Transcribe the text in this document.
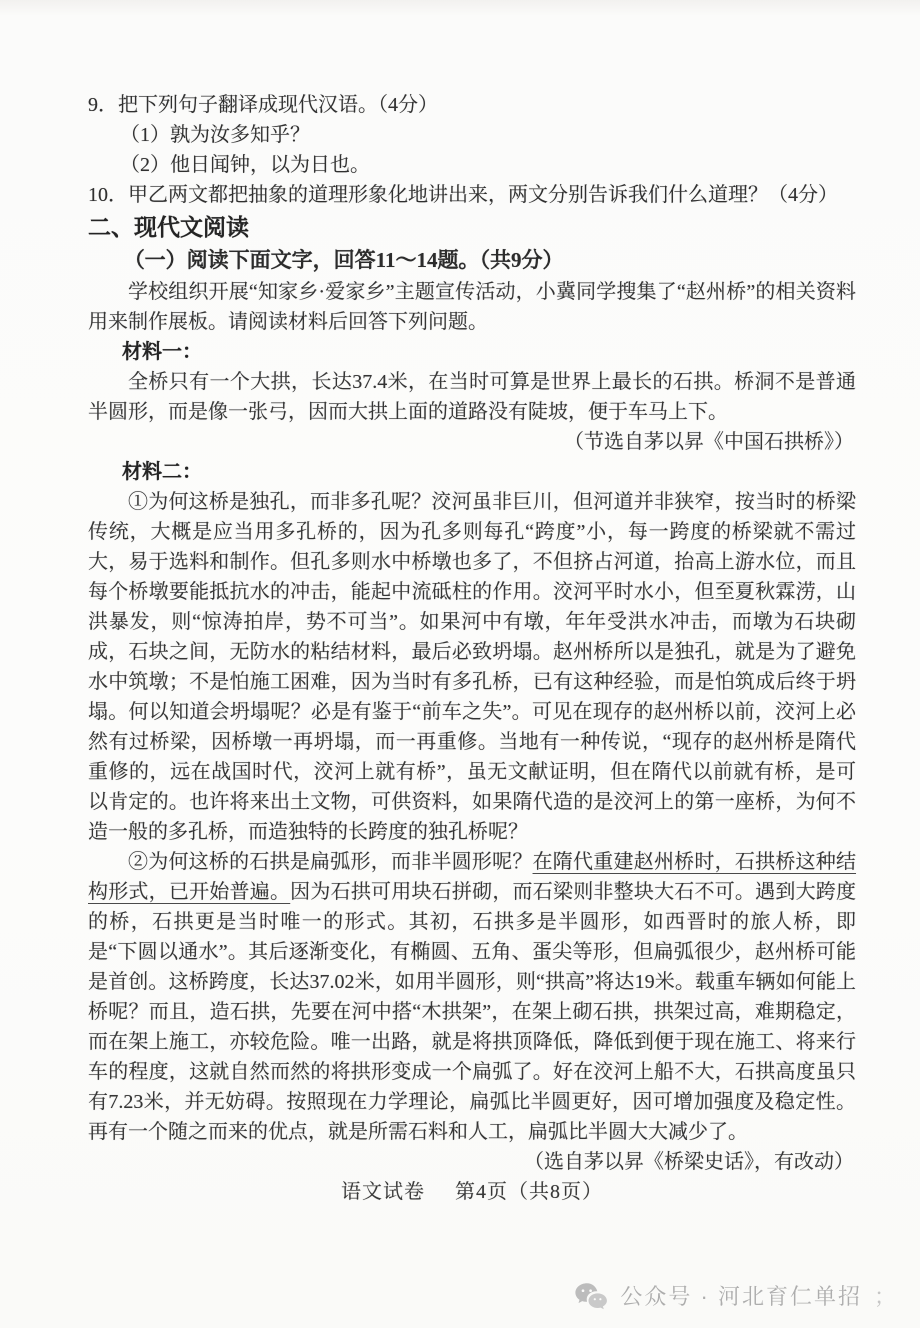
9．把下列句子翻译成现代汉语。（4分）

（1）孰为汝多知乎？

（2）他日闻钟，以为日也。

10．甲乙两文都把抽象的道理形象化地讲出来，两文分别告诉我们什么道理？（4分）

二、现代文阅读

（一）阅读下面文字，回答11～14题。（共9分）

学校组织开展“知家乡·爱家乡”主题宣传活动，小冀同学搜集了“赵州桥”的相关资料用来制作展板。请阅读材料后回答下列问题。

材料一：

全桥只有一个大拱，长达37.4米，在当时可算是世界上最长的石拱。桥洞不是普通半圆形，而是像一张弓，因而大拱上面的道路没有陡坡，便于车马上下。

（节选自茅以昇《中国石拱桥》）

材料二：

①为何这桥是独孔，而非多孔呢？洨河虽非巨川，但河道并非狭窄，按当时的桥梁传统，大概是应当用多孔桥的，因为孔多则每孔“跨度”小，每一跨度的桥梁就不需过大，易于选料和制作。但孔多则水中桥墩也多了，不但挤占河道，抬高上游水位，而且每个桥墩要能抵抗水的冲击，能起中流砥柱的作用。洨河平时水小，但至夏秋霖涝，山洪暴发，则“惊涛拍岸，势不可当”。如果河中有墩，年年受洪水冲击，而墩为石块砌成，石块之间，无防水的粘结材料，最后必致坍塌。赵州桥所以是独孔，就是为了避免水中筑墩；不是怕施工困难，因为当时有多孔桥，已有这种经验，而是怕筑成后终于坍塌。何以知道会坍塌呢？必是有鉴于“前车之失”。可见在现存的赵州桥以前，洨河上必然有过桥梁，因桥墩一再坍塌，而一再重修。当地有一种传说，“现存的赵州桥是隋代重修的，远在战国时代，洨河上就有桥”，虽无文献证明，但在隋代以前就有桥，是可以肯定的。也许将来出土文物，可供资料，如果隋代造的是洨河上的第一座桥，为何不造一般的多孔桥，而造独特的长跨度的独孔桥呢？

②为何这桥的石拱是扁弧形，而非半圆形呢？在隋代重建赵州桥时，石拱桥这种结构形式，已开始普遍。因为石拱可用块石拼砌，而石梁则非整块大石不可。遇到大跨度的桥，石拱更是当时唯一的形式。其初，石拱多是半圆形，如西晋时的旅人桥，即是“下圆以通水”。其后逐渐变化，有椭圆、五角、蛋尖等形，但扁弧很少，赵州桥可能是首创。这桥跨度，长达37.02米，如用半圆形，则“拱高”将达19米。载重车辆如何能上桥呢？而且，造石拱，先要在河中搭“木拱架”，在架上砌石拱，拱架过高，难期稳定，而在架上施工，亦较危险。唯一出路，就是将拱顶降低，降低到便于现在施工、将来行车的程度，这就自然而然的将拱形变成一个扁弧了。好在洨河上船不大，石拱高度虽只有7.23米，并无妨碍。按照现在力学理论，扁弧比半圆更好，因可增加强度及稳定性。再有一个随之而来的优点，就是所需石料和人工，扁弧比半圆大大减少了。

（选自茅以昇《桥梁史话》，有改动）

语文试卷 第4页（共8页）

公众号 · 河北育仁单招 ；
